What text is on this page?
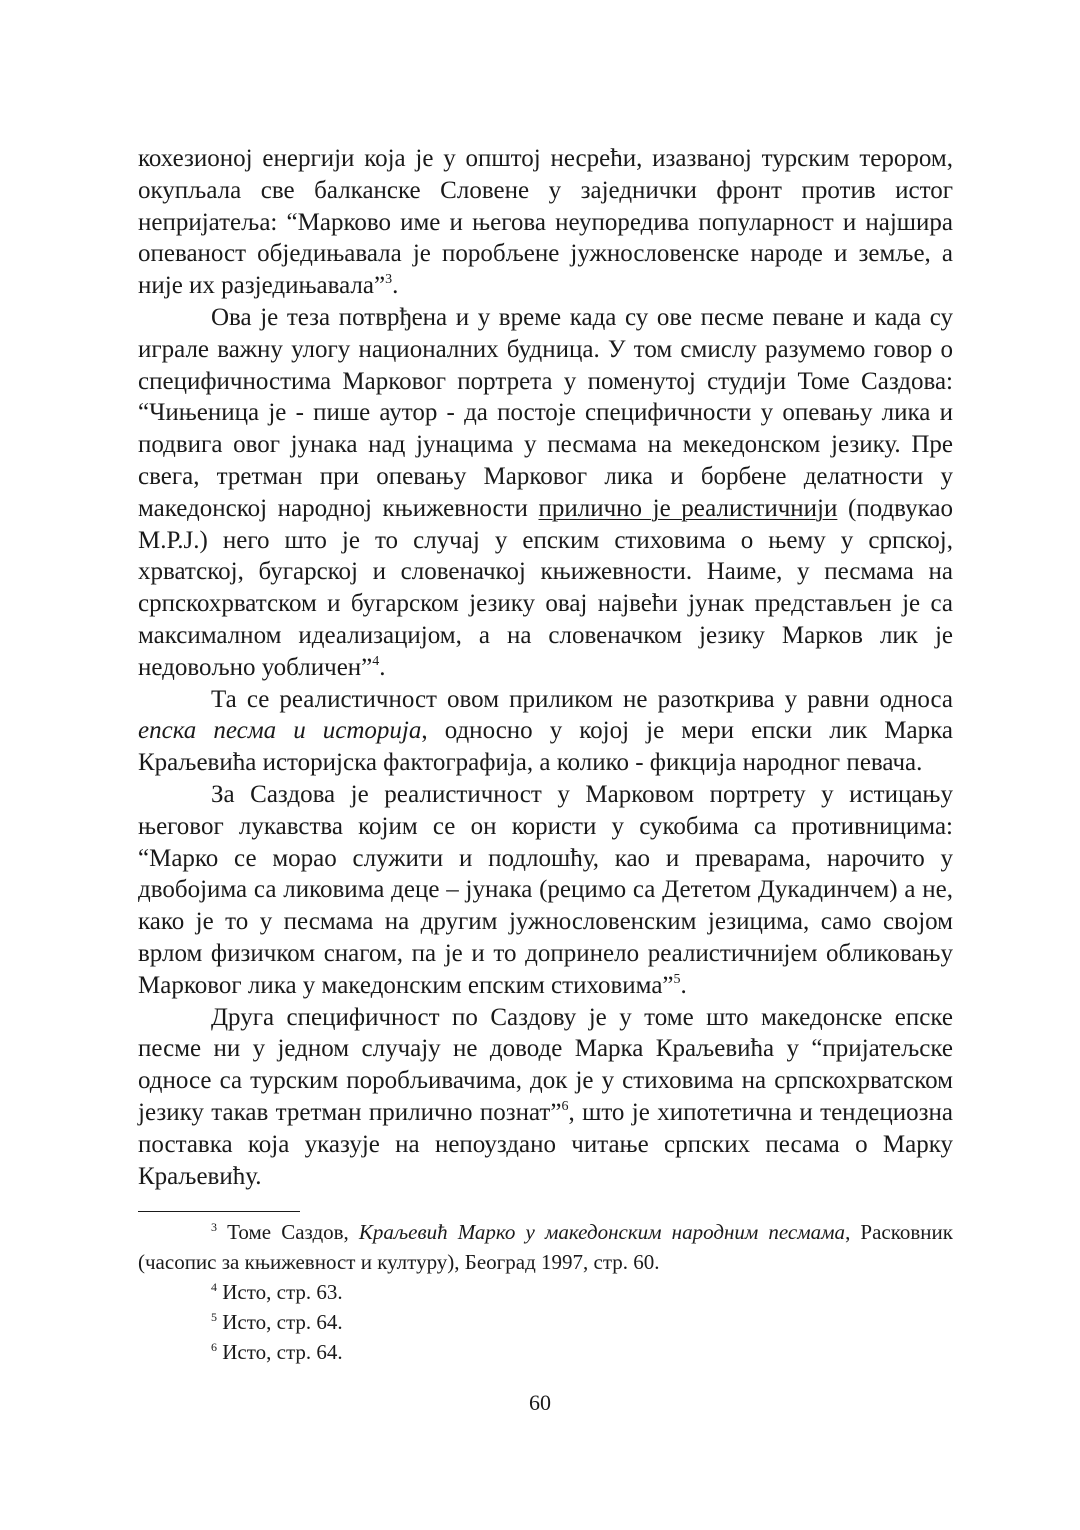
кохезионој енергији која је у општој несрећи, изазваној турским терором, окупљала све балканске Словене у заједнички фронт против истог непријатеља: “Марково име и његова неупоредива популарност и најшира опеваност обједињавала је поробљене јужнословенске народе и земље, а није их разједињавала”$^3$.

Ова је теза потврђена и у време када су ове песме певане и када су играле важну улогу националних будница. У том смислу разумемо говор о специфичностима Марковог портрета у поменутој студији Томе Саздова: “Чињеница је - пише аутор - да постоје специфичности у опевању лика и подвига овог јунака над јунацима у песмама на мекедонском језику. Пре свега, третман при опевању Марковог лика и борбене делатности у македонској народној књижевности прилично је реалистичнији (подвукао М.Р.Ј.) него што је то случај у епским стиховима о њему у српској, хрватској, бугарској и словеначкој књижевности. Наиме, у песмама на српскохрватском и бугарском језику овај највећи јунак представљен је са максималном идеализацијом, а на словеначком језику Марков лик је недовољно уобличен”$^4$.

Та се реалистичност овом приликом не разоткрива у равни односа епска песма и историја, односно у којој је мери епски лик Марка Краљевића историјска фактографија, а колико - фикција народног певача.

За Саздова је реалистичност у Марковом портрету у истицању његовог лукавства којим се он користи у сукобима са противницима: “Марко се морао служити и подлошћу, као и преварама, нарочито у двобојима са ликовима деце – јунака (рецимо са Дететом Дукадинчем) а не, како је то у песмама на другим јужнословенским језицима, само својом врлом физичком снагом, па је и то допринело реалистичнијем обликовању Марковог лика у македонским епским стиховима”$^5$.

Друга специфичност по Саздову је у томе што македонске епске песме ни у једном случају не доводе Марка Краљевића у “пријатељске односе са турским поробљивачима, док је у стиховима на српскохрватском језику такав третман прилично познат”$^6$, што је хипотетична и тендециозна поставка која указује на непоуздано читање српских песама о Марку Краљевићу.

$^3$ Томе Саздов, Краљевић Марко у македонским народним песмама, Расковник (часопис за књижевност и културу), Београд 1997, стр. 60.

$^4$ Исто, стр. 63.

$^5$ Исто, стр. 64.

$^6$ Исто, стр. 64.

60
